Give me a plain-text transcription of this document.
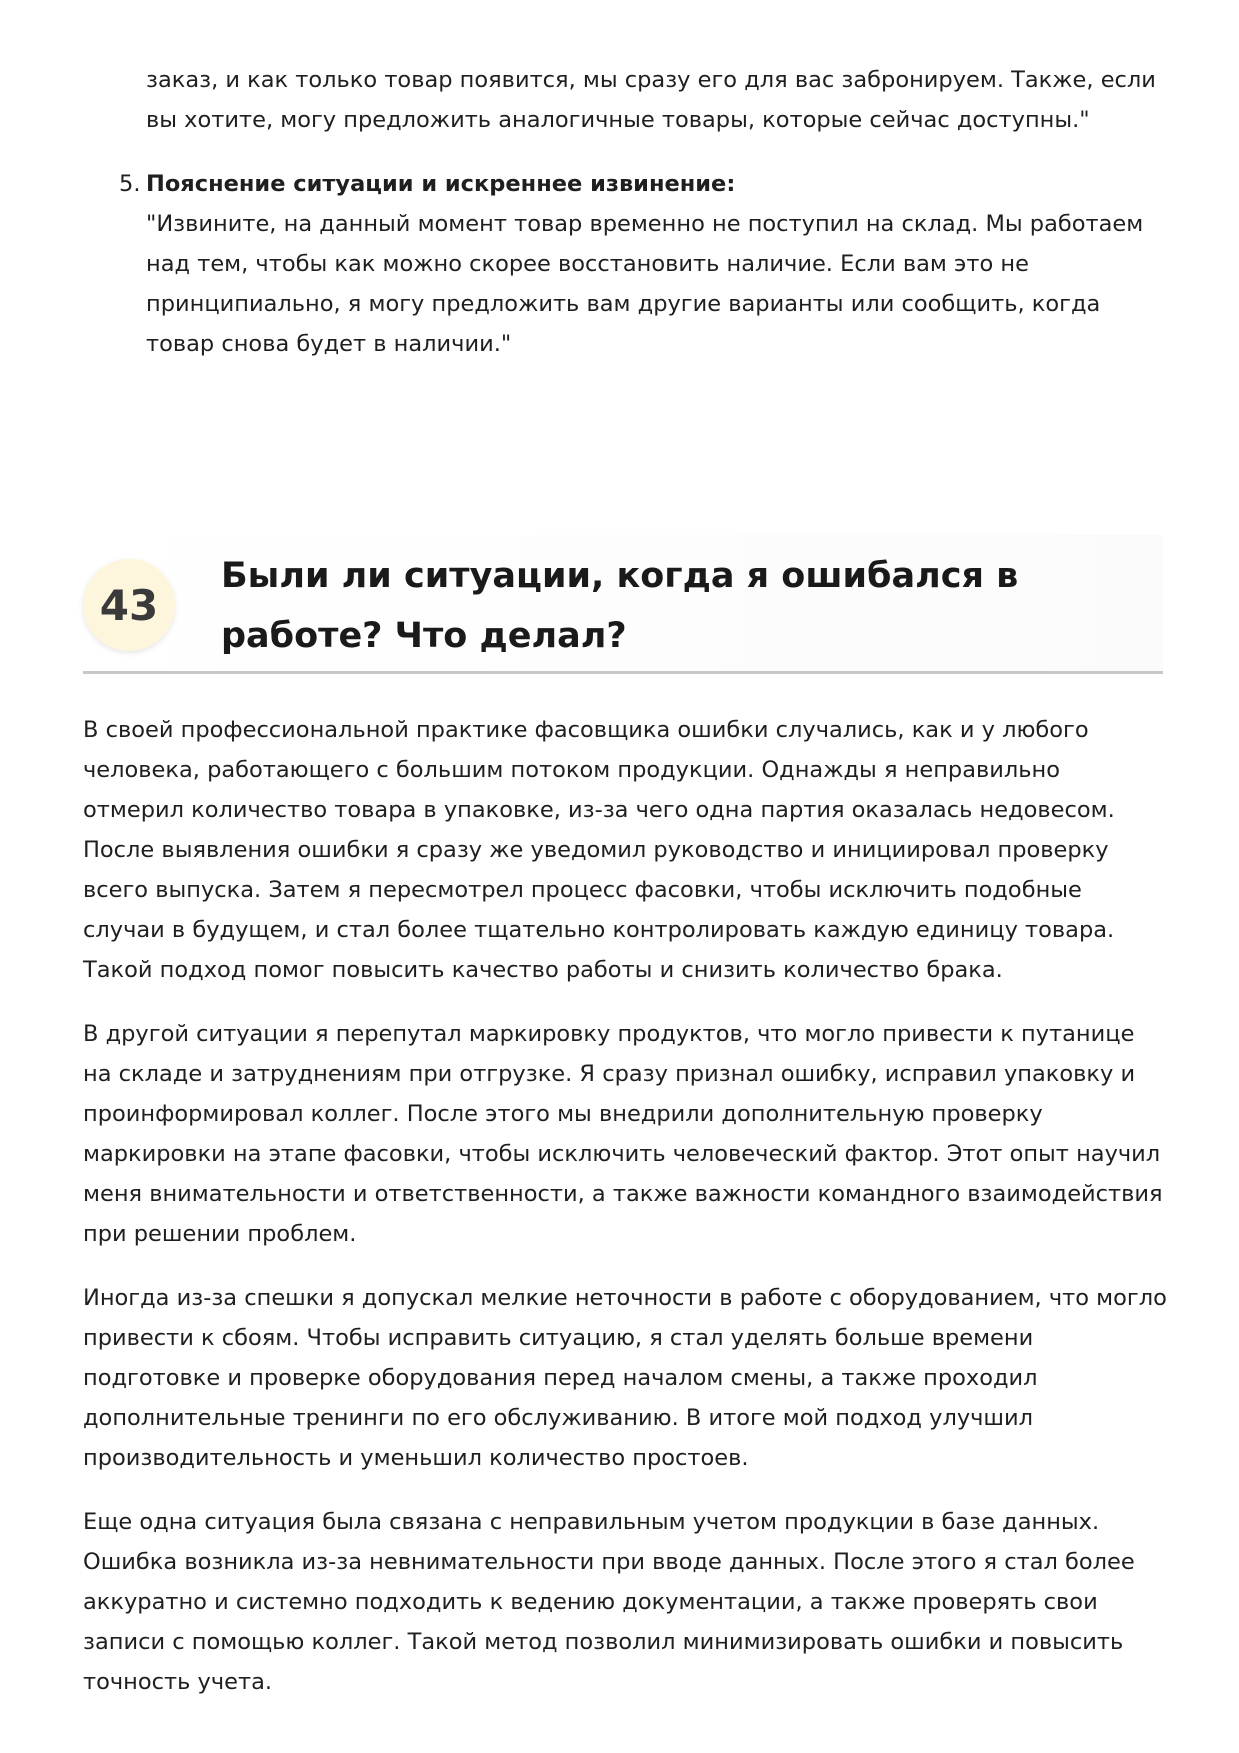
заказ, и как только товар появится, мы сразу его для вас забронируем. Также, если вы хотите, могу предложить аналогичные товары, которые сейчас доступны."

5. Пояснение ситуации и искреннее извинение:

"Извините, на данный момент товар временно не поступил на склад. Мы работаем над тем, чтобы как можно скорее восстановить наличие. Если вам это не принципиально, я могу предложить вам другие варианты или сообщить, когда товар снова будет в наличии."

43
Были ли ситуации, когда я ошибался в работе? Что делал?

В своей профессиональной практике фасовщика ошибки случались, как и у любого человека, работающего с большим потоком продукции. Однажды я неправильно отмерил количество товара в упаковке, из-за чего одна партия оказалась недовесом. После выявления ошибки я сразу же уведомил руководство и инициировал проверку всего выпуска. Затем я пересмотрел процесс фасовки, чтобы исключить подобные случаи в будущем, и стал более тщательно контролировать каждую единицу товара. Такой подход помог повысить качество работы и снизить количество брака.

В другой ситуации я перепутал маркировку продуктов, что могло привести к путанице на складе и затруднениям при отгрузке. Я сразу признал ошибку, исправил упаковку и проинформировал коллег. После этого мы внедрили дополнительную проверку маркировки на этапе фасовки, чтобы исключить человеческий фактор. Этот опыт научил меня внимательности и ответственности, а также важности командного взаимодействия при решении проблем.

Иногда из-за спешки я допускал мелкие неточности в работе с оборудованием, что могло привести к сбоям. Чтобы исправить ситуацию, я стал уделять больше времени подготовке и проверке оборудования перед началом смены, а также проходил дополнительные тренинги по его обслуживанию. В итоге мой подход улучшил производительность и уменьшил количество простоев.

Еще одна ситуация была связана с неправильным учетом продукции в базе данных. Ошибка возникла из-за невнимательности при вводе данных. После этого я стал более аккуратно и системно подходить к ведению документации, а также проверять свои записи с помощью коллег. Такой метод позволил минимизировать ошибки и повысить точность учета.
